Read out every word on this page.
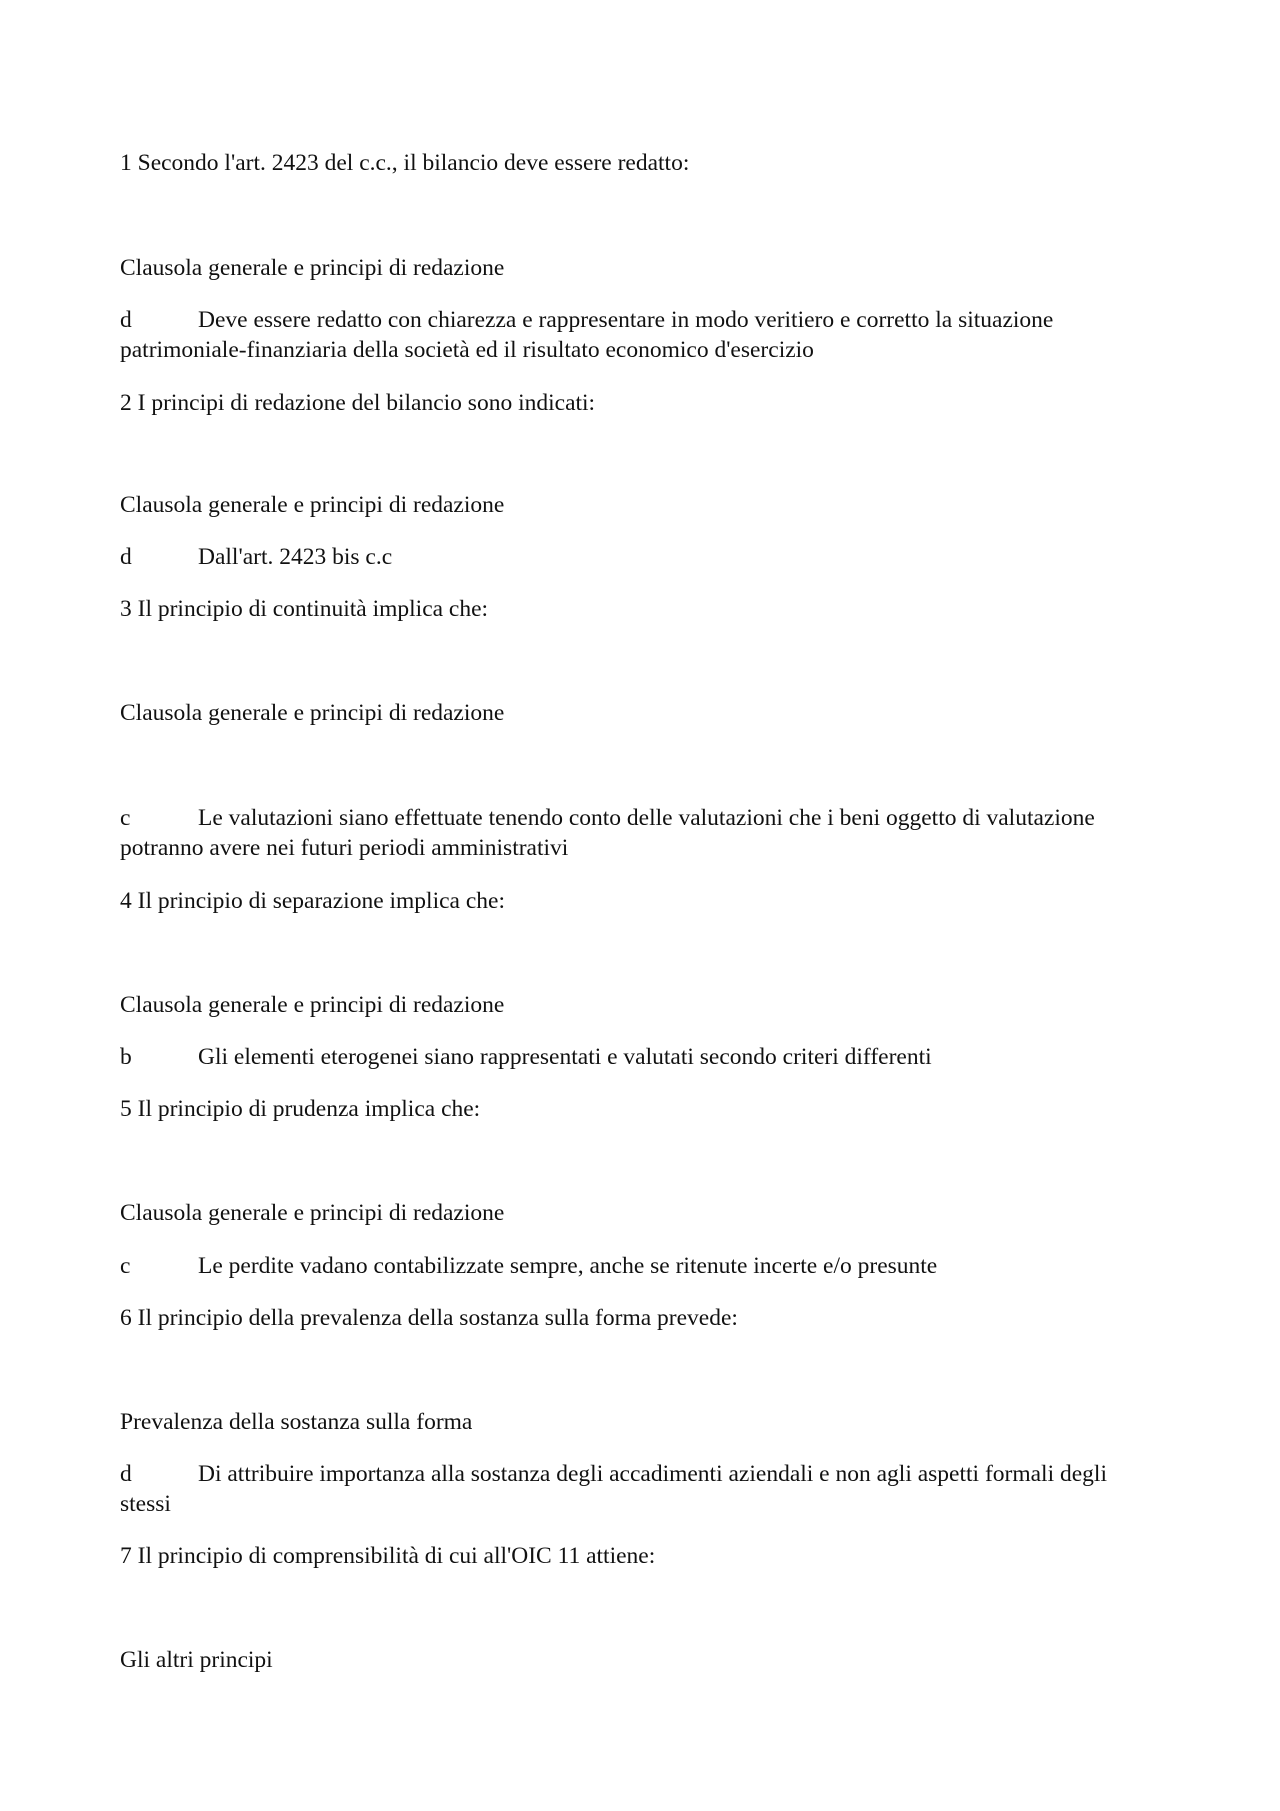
1 Secondo l'art. 2423 del c.c., il bilancio deve essere redatto:
Clausola generale e principi di redazione
d	Deve essere redatto con chiarezza e rappresentare in modo veritiero e corretto la situazione patrimoniale-finanziaria della società ed il risultato economico d'esercizio
2 I principi di redazione del bilancio sono indicati:
Clausola generale e principi di redazione
d	Dall'art. 2423 bis c.c
3 Il principio di continuità implica che:
Clausola generale e principi di redazione
c	Le valutazioni siano effettuate tenendo conto delle valutazioni che i beni oggetto di valutazione potranno avere nei futuri periodi amministrativi
4 Il principio di separazione implica che:
Clausola generale e principi di redazione
b	Gli elementi eterogenei siano rappresentati e valutati secondo criteri differenti
5 Il principio di prudenza implica che:
Clausola generale e principi di redazione
c	Le perdite vadano contabilizzate sempre, anche se ritenute incerte e/o presunte
6 Il principio della prevalenza della sostanza sulla forma prevede:
Prevalenza della sostanza sulla forma
d	Di attribuire importanza alla sostanza degli accadimenti aziendali e non agli aspetti formali degli stessi
7 Il principio di comprensibilità di cui all'OIC 11 attiene:
Gli altri principi
